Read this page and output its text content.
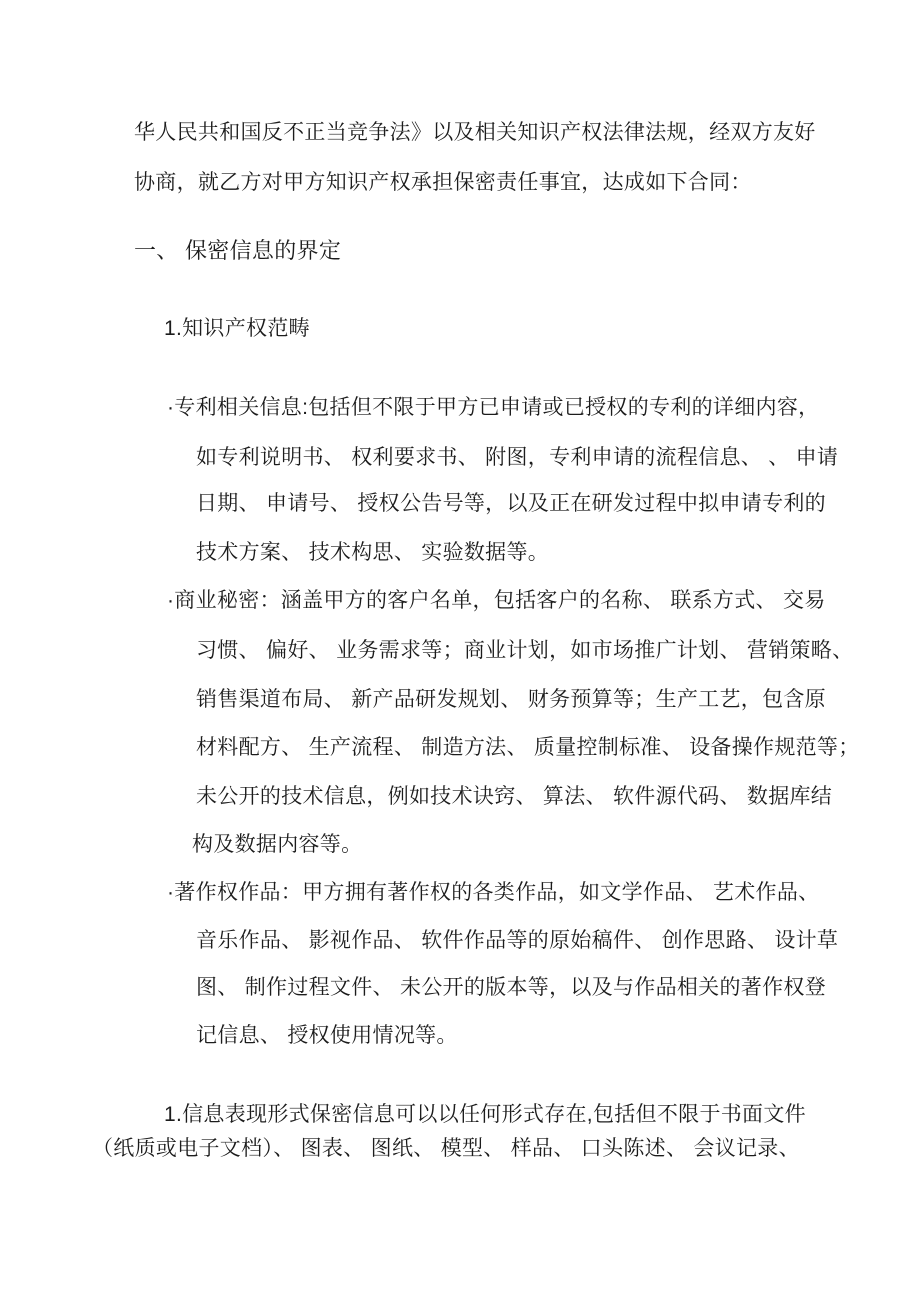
华人民共和国反不正当竞争法》以及相关知识产权法律法规，经双方友好
协商，就乙方对甲方知识产权承担保密责任事宜，达成如下合同：
一、 保密信息的界定
1.知识产权范畴
·专利相关信息:包括但不限于甲方已申请或已授权的专利的详细内容，
如专利说明书、 权利要求书、 附图，专利申请的流程信息、 、 申请
日期、 申请号、 授权公告号等，以及正在研发过程中拟申请专利的
技术方案、 技术构思、 实验数据等。
·商业秘密：涵盖甲方的客户名单，包括客户的名称、 联系方式、 交易
习惯、 偏好、 业务需求等；商业计划，如市场推广计划、 营销策略、
销售渠道布局、 新产品研发规划、 财务预算等；生产工艺，包含原
材料配方、 生产流程、 制造方法、 质量控制标准、 设备操作规范等；
未公开的技术信息，例如技术诀窍、 算法、 软件源代码、 数据库结
构及数据内容等。
·著作权作品：甲方拥有著作权的各类作品，如文学作品、 艺术作品、
音乐作品、 影视作品、 软件作品等的原始稿件、 创作思路、 设计草
图、 制作过程文件、 未公开的版本等，以及与作品相关的著作权登
记信息、 授权使用情况等。
1.信息表现形式保密信息可以以任何形式存在,包括但不限于书面文件
（纸质或电子文档）、 图表、 图纸、 模型、 样品、 口头陈述、 会议记录、
